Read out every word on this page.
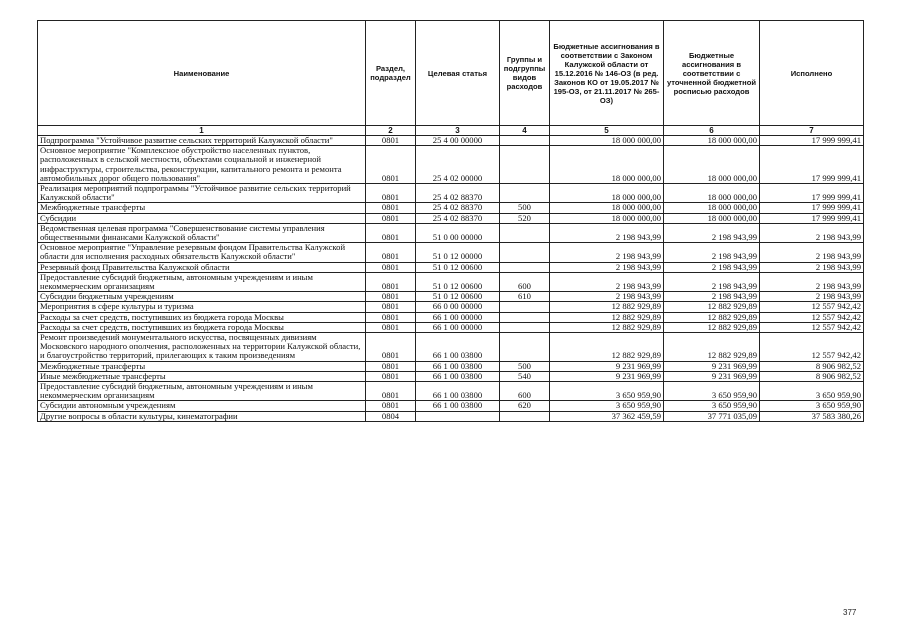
Наименование	Раздел, подраздел	Целевая статья	Группы и подгруппы видов расходов	Бюджетные ассигнования в соответствии с Законом Калужской области от 15.12.2016 № 146-ОЗ (в ред. Законов КО от 19.05.2017 № 195-ОЗ, от 21.11.2017 № 265-ОЗ)	Бюджетные ассигнования в соответствии с уточненной бюджетной росписью расходов	Исполнено
1	2	3	4	5	6	7
Подпрограмма "Устойчивое развитие сельских территорий Калужской области"	0801	25 4 00 00000		18 000 000,00	18 000 000,00	17 999 999,41
Основное мероприятие "Комплексное обустройство населенных пунктов, расположенных в сельской местности, объектами социальной и инженерной инфраструктуры, строительства, реконструкции, капитального ремонта и ремонта автомобильных дорог общего пользования"	0801	25 4 02 00000		18 000 000,00	18 000 000,00	17 999 999,41
Реализация мероприятий подпрограммы "Устойчивое развитие сельских территорий Калужской области"	0801	25 4 02 88370		18 000 000,00	18 000 000,00	17 999 999,41
Межбюджетные трансферты	0801	25 4 02 88370	500	18 000 000,00	18 000 000,00	17 999 999,41
Субсидии	0801	25 4 02 88370	520	18 000 000,00	18 000 000,00	17 999 999,41
Ведомственная целевая программа "Совершенствование системы управления общественными финансами Калужской области"	0801	51 0 00 00000		2 198 943,99	2 198 943,99	2 198 943,99
Основное мероприятие "Управление резервным фондом Правительства Калужской области для исполнения расходных обязательств Калужской области"	0801	51 0 12 00000		2 198 943,99	2 198 943,99	2 198 943,99
Резервный фонд Правительства Калужской области	0801	51 0 12 00600		2 198 943,99	2 198 943,99	2 198 943,99
Предоставление субсидий бюджетным, автономным учреждениям и иным некоммерческим организациям	0801	51 0 12 00600	600	2 198 943,99	2 198 943,99	2 198 943,99
Субсидии бюджетным учреждениям	0801	51 0 12 00600	610	2 198 943,99	2 198 943,99	2 198 943,99
Мероприятия в сфере культуры и туризма	0801	66 0 00 00000		12 882 929,89	12 882 929,89	12 557 942,42
Расходы за счет средств, поступивших из бюджета города Москвы	0801	66 1 00 00000		12 882 929,89	12 882 929,89	12 557 942,42
Расходы за счет средств, поступивших из бюджета города Москвы	0801	66 1 00 00000		12 882 929,89	12 882 929,89	12 557 942,42
Ремонт произведений монументального искусства, посвященных дивизиям Московского народного ополчения, расположенных на территории Калужской области, и благоустройство территорий, прилегающих к таким произведениям	0801	66 1 00 03800		12 882 929,89	12 882 929,89	12 557 942,42
Межбюджетные трансферты	0801	66 1 00 03800	500	9 231 969,99	9 231 969,99	8 906 982,52
Иные межбюджетные трансферты	0801	66 1 00 03800	540	9 231 969,99	9 231 969,99	8 906 982,52
Предоставление субсидий бюджетным, автономным учреждениям и иным некоммерческим организациям	0801	66 1 00 03800	600	3 650 959,90	3 650 959,90	3 650 959,90
Субсидии автономным учреждениям	0801	66 1 00 03800	620	3 650 959,90	3 650 959,90	3 650 959,90
Другие вопросы в области культуры, кинематографии	0804			37 362 459,59	37 771 035,09	37 583 380,26
377
